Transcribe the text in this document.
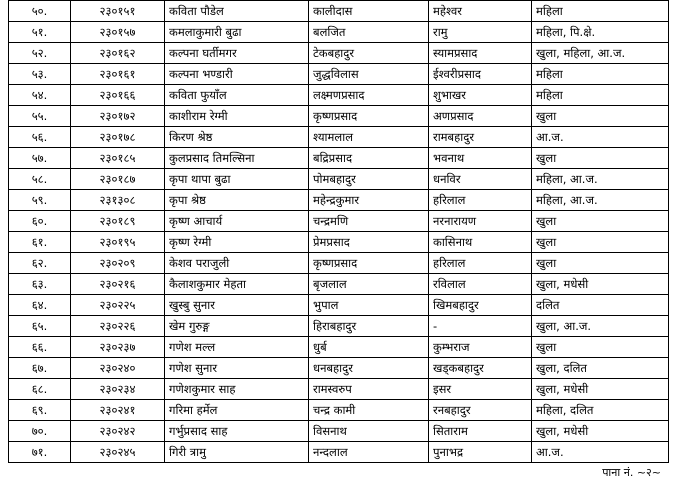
५०.	२३०१५१	कविता पौडेल	कालीदास	महेश्वर	महिला
५१.	२३०१५७	कमलाकुमारी बुढा	बलजित	रामु	महिला, पि.क्षे.
५२.	२३०१६२	कल्पना घर्तीमगर	टेकबहादुर	स्यामप्रसाद	खुला, महिला, आ.ज.
५३.	२३०१६१	कल्पना भण्डारी	जुद्धविलास	ईश्वरीप्रसाद	महिला
५४.	२३०१६६	कविता फुयाँल	लक्ष्मणप्रसाद	शुभाखर	महिला
५५.	२३०१७२	काशीराम रेग्मी	कृष्णप्रसाद	अणप्रसाद	खुला
५६.	२३०१७८	किरण श्रेष्ठ	श्यामलाल	रामबहादुर	आ.ज.
५७.	२३०१८५	कुलप्रसाद तिमल्सिना	बद्रिप्रसाद	भवनाथ	खुला
५८.	२३०१८७	कृपा थापा बुढा	पोमबहादुर	धनविर	महिला, आ.ज.
५९.	२३१३०८	कृपा श्रेष्ठ	महेन्द्रकुमार	हरिलाल	महिला, आ.ज.
६०.	२३०१८९	कृष्ण आचार्य	चन्द्रमणि	नरनारायण	खुला
६१.	२३०१९५	कृष्ण रेग्मी	प्रेमप्रसाद	कासिनाथ	खुला
६२.	२३०२०९	केशव पराजुली	कृष्णप्रसाद	हरिलाल	खुला
६३.	२३०२१६	कैलाशकुमार मेहता	बृजलाल	रविलाल	खुला, मधेसी
६४.	२३०२२५	खुस्बु सुनार	भुपाल	खिमबहादुर	दलित
६५.	२३०२२६	खेम गुरुङ्ग	हिराबहादुर	-	खुला, आ.ज.
६६.	२३०२३७	गणेश मल्ल	धुर्ब	कुम्भराज	खुला
६७.	२३०२४०	गणेश सुनार	धनबहादुर	खड्कबहादुर	खुला, दलित
६८.	२३०२३४	गणेशकुमार साह	रामस्वरुप	इसर	खुला, मधेसी
६९.	२३०२४१	गरिमा हर्मेल	चन्द्र कामी	रनबहादुर	महिला, दलित
७०.	२३०२४२	गर्भुप्रसाद साह	विसनाथ	सिताराम	खुला, मधेसी
७१.	२३०२४५	गिरी त्रामु	नन्दलाल	पुनाभद्र	आ.ज.
पाना नं. ~२~
